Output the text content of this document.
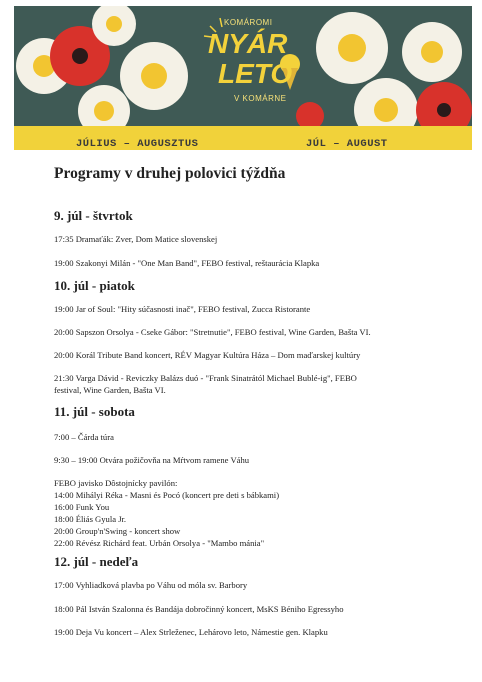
KOMÁROMI
NYÁR
LETO
V KOMÁRNE
JÚLIUS – AUGUSZTUS	JÚL – AUGUST
Programy v druhej polovici týždňa
9. júl - štvrtok
17:35 Dramaťák: Zver, Dom Matice slovenskej
19:00 Szakonyi Milán - "One Man Band", FEBO festival, reštaurácia Klapka
10. júl - piatok
19:00 Jar of Soul: "Hity súčasnosti inač", FEBO festival, Zucca Ristorante
20:00 Sapszon Orsolya - Cseke Gábor: "Stretnutie", FEBO festival, Wine Garden, Bašta VI.
20:00 Korál Tribute Band koncert, RÉV Magyar Kultúra Háza – Dom maďarskej kultúry
21:30 Varga Dávid - Reviczky Balázs duó - "Frank Sinatrától Michael Bublé-ig", FEBO
festival, Wine Garden, Bašta VI.
11. júl - sobota
7:00 – Čárda túra
9:30 – 19:00 Otvára požičovňa na Mŕtvom ramene Váhu
FEBO javisko Dôstojnícky pavilón:
14:00 Mihályi Réka - Masni és Pocó (koncert pre deti s bábkami)
16:00 Funk You
18:00 Éliás Gyula Jr.
20:00 Group'n'Swing - koncert show
22:00 Révész Richárd feat. Urbán Orsolya - "Mambo mánia"
12. júl - nedeľa
17:00 Vyhliadková plavba po Váhu od móla sv. Barbory
18:00 Pál István Szalonna és Bandája dobročinný koncert, MsKS Béniho Egressyho
19:00 Deja Vu koncert – Alex Strleženec, Lehárovo leto, Námestie gen. Klapku
